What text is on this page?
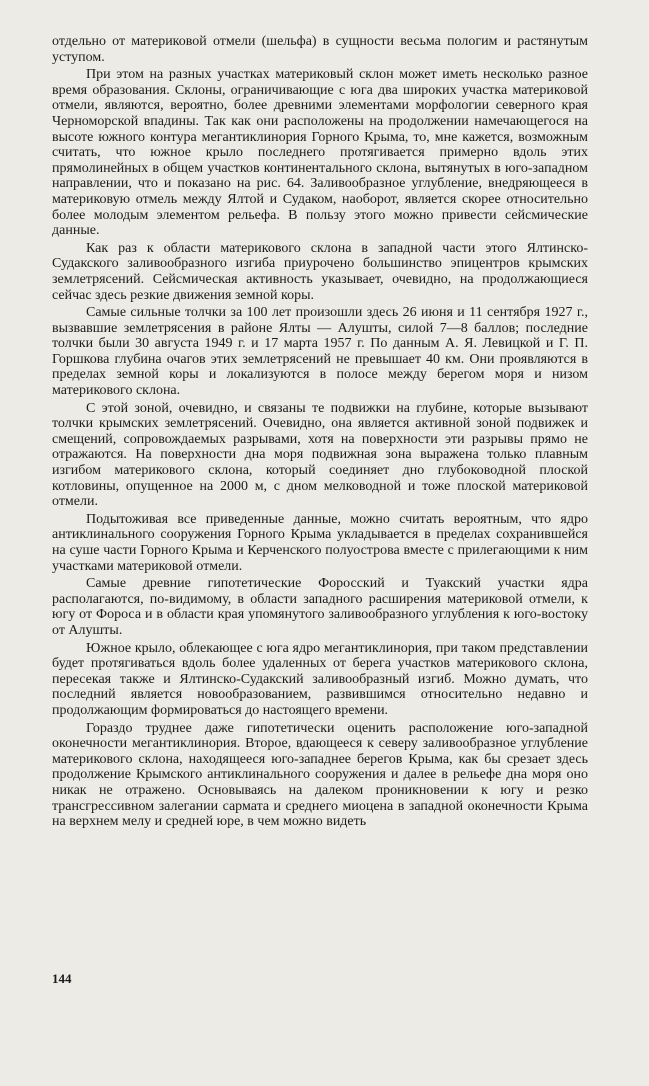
отдельно от материковой отмели (шельфа) в сущности весьма пологим и растянутым уступом.

При этом на разных участках материковый склон может иметь несколько разное время образования. Склоны, ограничивающие с юга два широких участка материковой отмели, являются, вероятно, более древними элементами морфологии северного края Черноморской впадины. Так как они расположены на продолжении намечающегося на высоте южного контура мегантиклинория Горного Крыма, то, мне кажется, возможным считать, что южное крыло последнего протягивается примерно вдоль этих прямолинейных в общем участков континентального склона, вытянутых в юго-западном направлении, что и показано на рис. 64. Заливообразное углубление, внедряющееся в материковую отмель между Ялтой и Судаком, наоборот, является скорее относительно более молодым элементом рельефа. В пользу этого можно привести сейсмические данные.

Как раз к области материкового склона в западной части этого Ялтинско-Судакского заливообразного изгиба приурочено большинство эпицентров крымских землетрясений. Сейсмическая активность указывает, очевидно, на продолжающиеся сейчас здесь резкие движения земной коры.

Самые сильные толчки за 100 лет произошли здесь 26 июня и 11 сентября 1927 г., вызвавшие землетрясения в районе Ялты — Алушты, силой 7—8 баллов; последние толчки были 30 августа 1949 г. и 17 марта 1957 г. По данным А. Я. Левицкой и Г. П. Горшкова глубина очагов этих землетрясений не превышает 40 км. Они проявляются в пределах земной коры и локализуются в полосе между берегом моря и низом материкового склона.

С этой зоной, очевидно, и связаны те подвижки на глубине, которые вызывают толчки крымских землетрясений. Очевидно, она является активной зоной подвижек и смещений, сопровождаемых разрывами, хотя на поверхности эти разрывы прямо не отражаются. На поверхности дна моря подвижная зона выражена только плавным изгибом материкового склона, который соединяет дно глубоководной плоской котловины, опущенное на 2000 м, с дном мелководной и тоже плоской материковой отмели.

Подытоживая все приведенные данные, можно считать вероятным, что ядро антиклинального сооружения Горного Крыма укладывается в пределах сохранившейся на суше части Горного Крыма и Керченского полуострова вместе с прилегающими к ним участками материковой отмели.

Самые древние гипотетические Форосский и Туакский участки ядра располагаются, по-видимому, в области западного расширения материковой отмели, к югу от Фороса и в области края упомянутого заливообразного углубления к юго-востоку от Алушты.

Южное крыло, облекающее с юга ядро мегантиклинория, при таком представлении будет протягиваться вдоль более удаленных от берега участков материкового склона, пересекая также и Ялтинско-Судакский заливообразный изгиб. Можно думать, что последний является новообразованием, развившимся относительно недавно и продолжающим формироваться до настоящего времени.

Гораздо труднее даже гипотетически оценить расположение юго-западной оконечности мегантиклинория. Второе, вдающееся к северу заливообразное углубление материкового склона, находящееся юго-западнее берегов Крыма, как бы срезает здесь продолжение Крымского антиклинального сооружения и далее в рельефе дна моря оно никак не отражено. Основываясь на далеком проникновении к югу и резко трансгрессивном залегании сармата и среднего миоцена в западной оконечности Крыма на верхнем мелу и средней юре, в чем можно видеть

144
